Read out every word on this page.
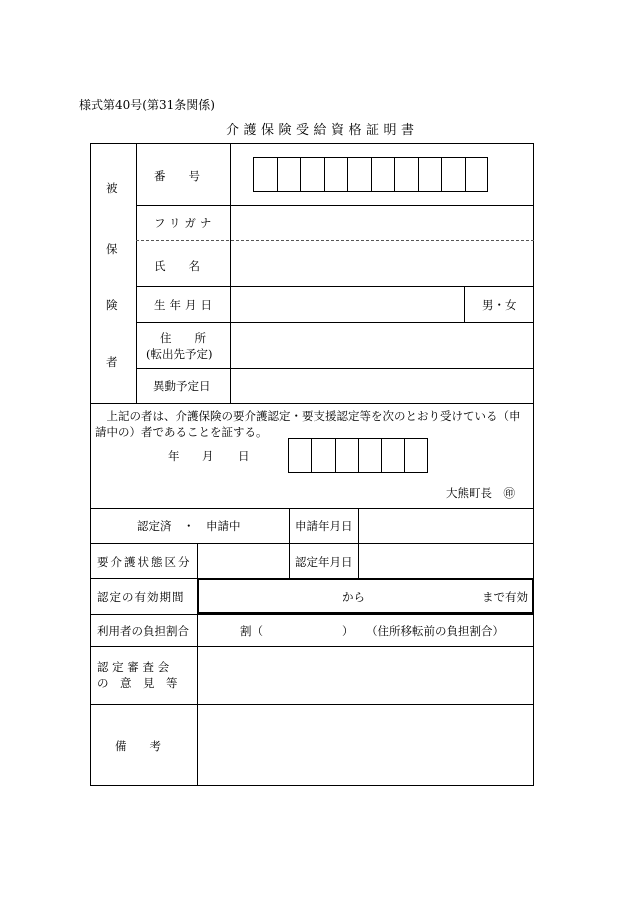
様式第40号(第31条関係)
介護保険受給資格証明書
被
保
険
者
番　　号
フリガナ
氏　　名
生年月日	男・女
住　　所
(転出先予定)
異動予定日
上記の者は、介護保険の要介護認定・要支援認定等を次のとおり受けている（申請中の）者であることを証する。
年 月 日
大熊町長　㊞
認定済　・　申請中	申請年月日
要介護状態区分	認定年月日
認定の有効期間	から	まで有効
利用者の負担割合	割（	） （住所移転前の負担割合）
認 定 審 査 会
の　意　見　等
備　　考
